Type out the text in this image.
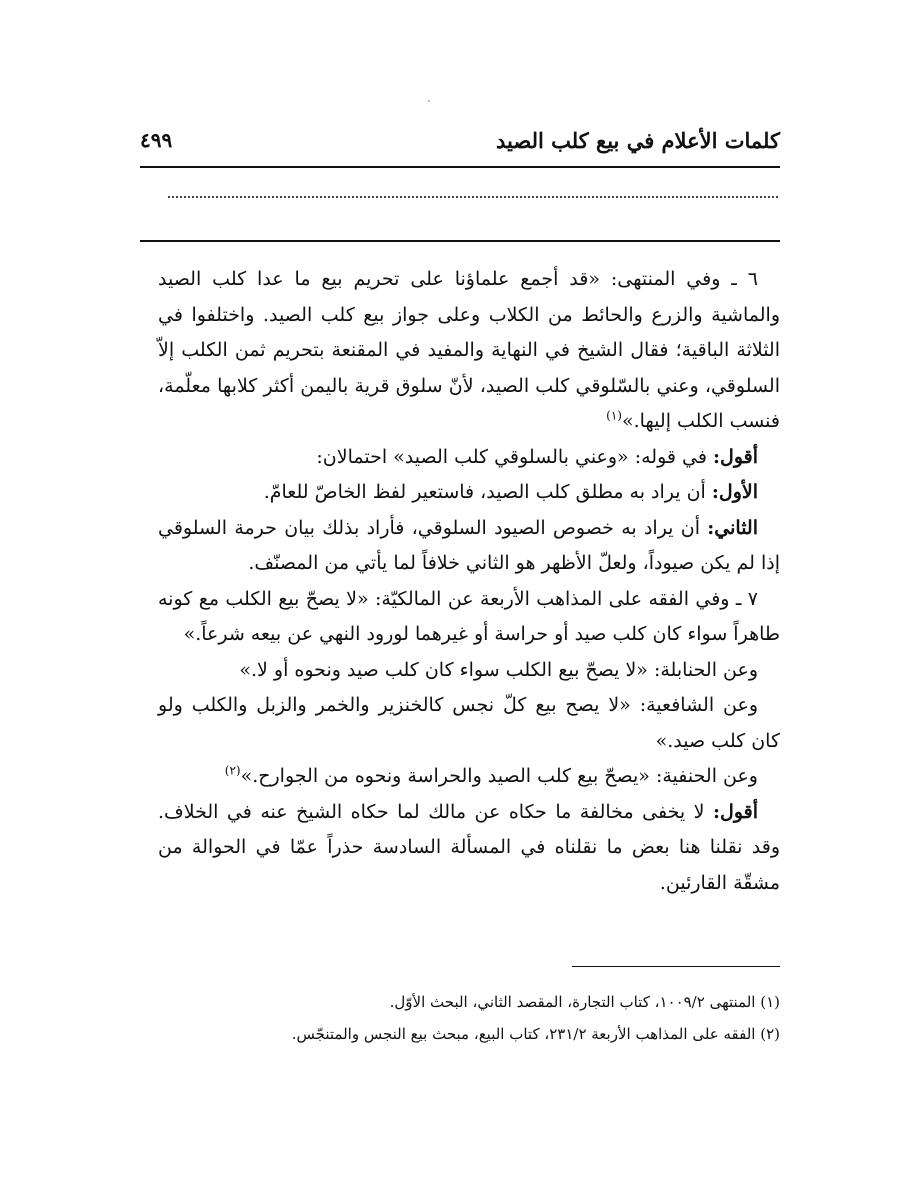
كلمات الأعلام في بيع كلب الصيد
٤٩٩

٦ ـ وفي المنتهى: «قد أجمع علماؤنا على تحريم بيع ما عدا كلب الصيد والماشية والزرع والحائط من الكلاب وعلى جواز بيع كلب الصيد. واختلفوا في الثلاثة الباقية؛ فقال الشيخ في النهاية والمفيد في المقنعة بتحريم ثمن الكلب إلاّ السلوقي، وعني بالسّلوقي كلب الصيد، لأنّ سلوق قرية باليمن أكثر كلابها معلّمة، فنسب الكلب إليها.»$^{(١)}$

أقول: في قوله: «وعني بالسلوقي كلب الصيد» احتمالان:

الأول: أن يراد به مطلق كلب الصيد، فاستعير لفظ الخاصّ للعامّ.

الثاني: أن يراد به خصوص الصيود السلوقي، فأراد بذلك بيان حرمة السلوقي إذا لم يكن صيوداً، ولعلّ الأظهر هو الثاني خلافاً لما يأتي من المصنّف.

٧ ـ وفي الفقه على المذاهب الأربعة عن المالكيّة: «لا يصحّ بيع الكلب مع كونه طاهراً سواء كان كلب صيد أو حراسة أو غيرهما لورود النهي عن بيعه شرعاً.»

وعن الحنابلة: «لا يصحّ بيع الكلب سواء كان كلب صيد ونحوه أو لا.»

وعن الشافعية: «لا يصح بيع كلّ نجس كالخنزير والخمر والزبل والكلب ولو كان كلب صيد.»

وعن الحنفية: «يصحّ بيع كلب الصيد والحراسة ونحوه من الجوارح.»$^{(٢)}$

أقول: لا يخفى مخالفة ما حكاه عن مالك لما حكاه الشيخ عنه في الخلاف. وقد نقلنا هنا بعض ما نقلناه في المسألة السادسة حذراً عمّا في الحوالة من مشقّة القارئين.

(١) المنتهى ١٠٠٩/٢، كتاب التجارة، المقصد الثاني، البحث الأوّل.

(٢) الفقه على المذاهب الأربعة ٢٣١/٢، كتاب البيع، مبحث بيع النجس والمتنجّس.
